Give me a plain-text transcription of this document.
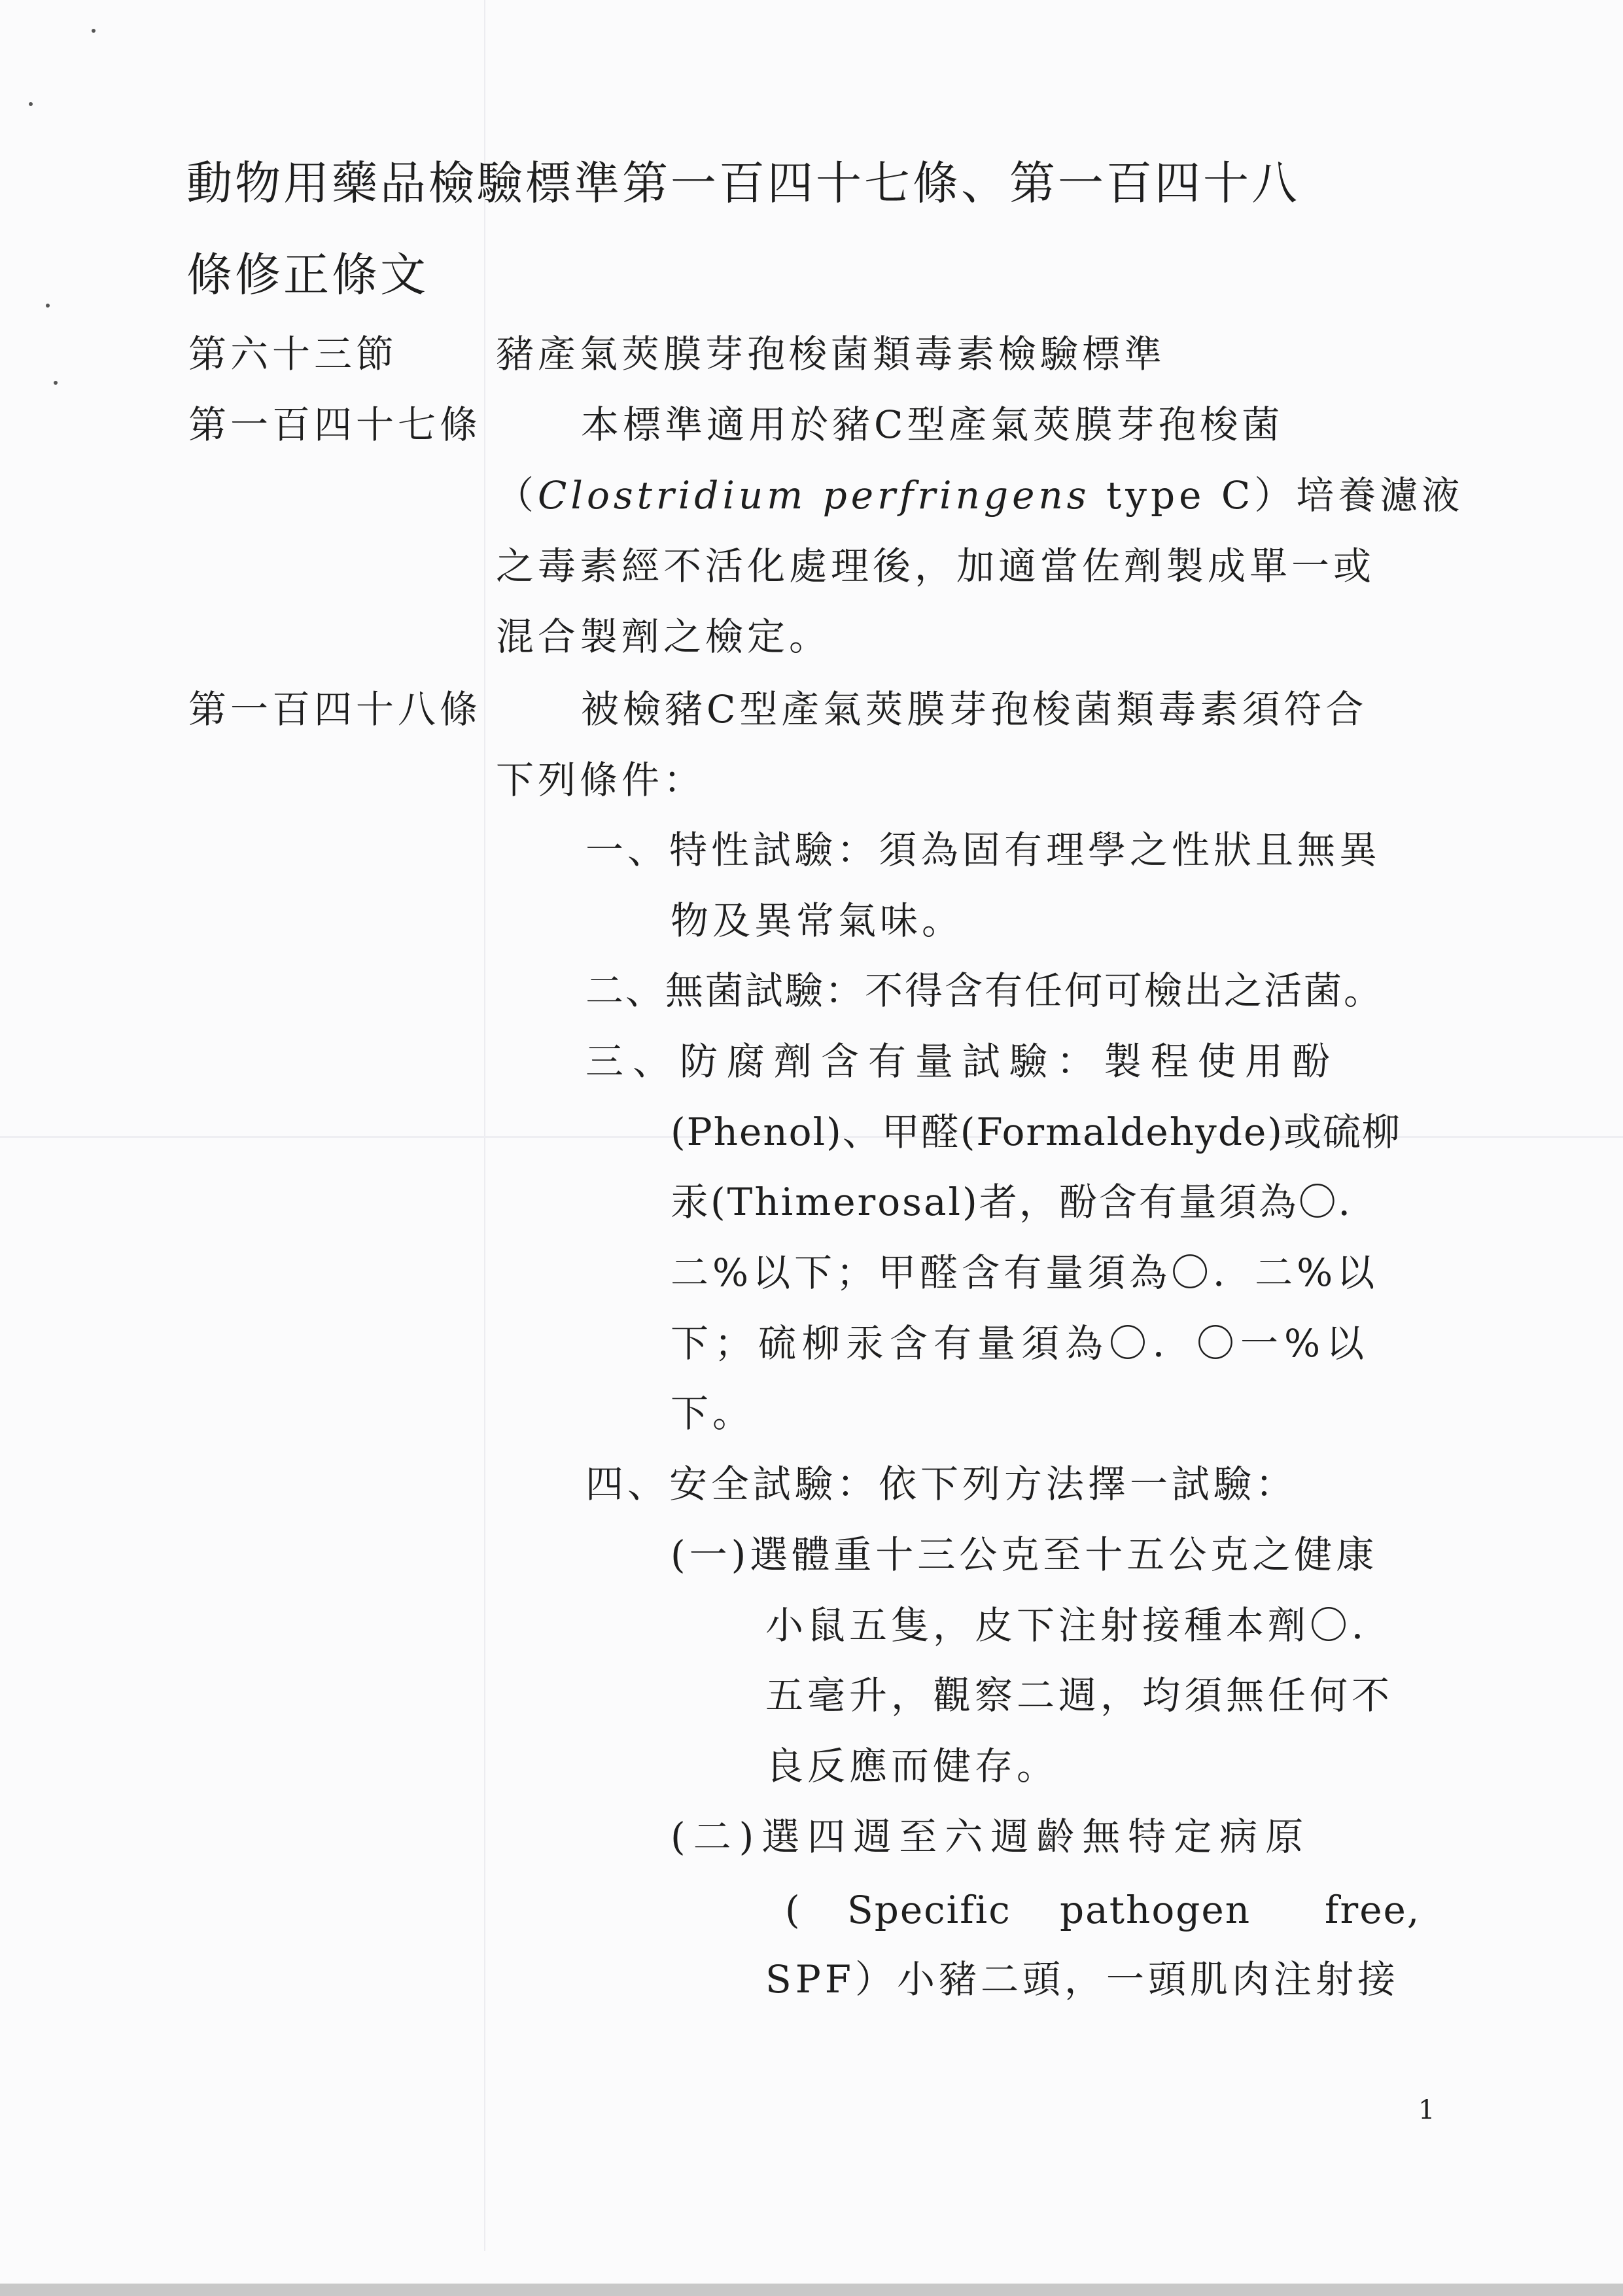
動物用藥品檢驗標準第一百四十七條、第一百四十八
條修正條文
第六十三節	豬產氣莢膜芽孢梭菌類毒素檢驗標準
第一百四十七條	本標準適用於豬C型產氣莢膜芽孢梭菌
（Clostridium perfringens type C）培養濾液
之毒素經不活化處理後，加適當佐劑製成單一或
混合製劑之檢定。
第一百四十八條	被檢豬C型產氣莢膜芽孢梭菌類毒素須符合
下列條件：
一、特性試驗：須為固有理學之性狀且無異
物及異常氣味。
二、無菌試驗：不得含有任何可檢出之活菌。
三、防腐劑含有量試驗：製程使用酚
(Phenol)、甲醛(Formaldehyde)或硫柳
汞(Thimerosal)者，酚含有量須為〇．
二%以下；甲醛含有量須為〇．二%以
下；硫柳汞含有量須為〇．〇一%以
下。
四、安全試驗：依下列方法擇一試驗：
(一)選體重十三公克至十五公克之健康
小鼠五隻，皮下注射接種本劑〇．
五毫升，觀察二週，均須無任何不
良反應而健存。
(二)選四週至六週齡無特定病原
( Specific pathogen free,
SPF）小豬二頭，一頭肌肉注射接
1
